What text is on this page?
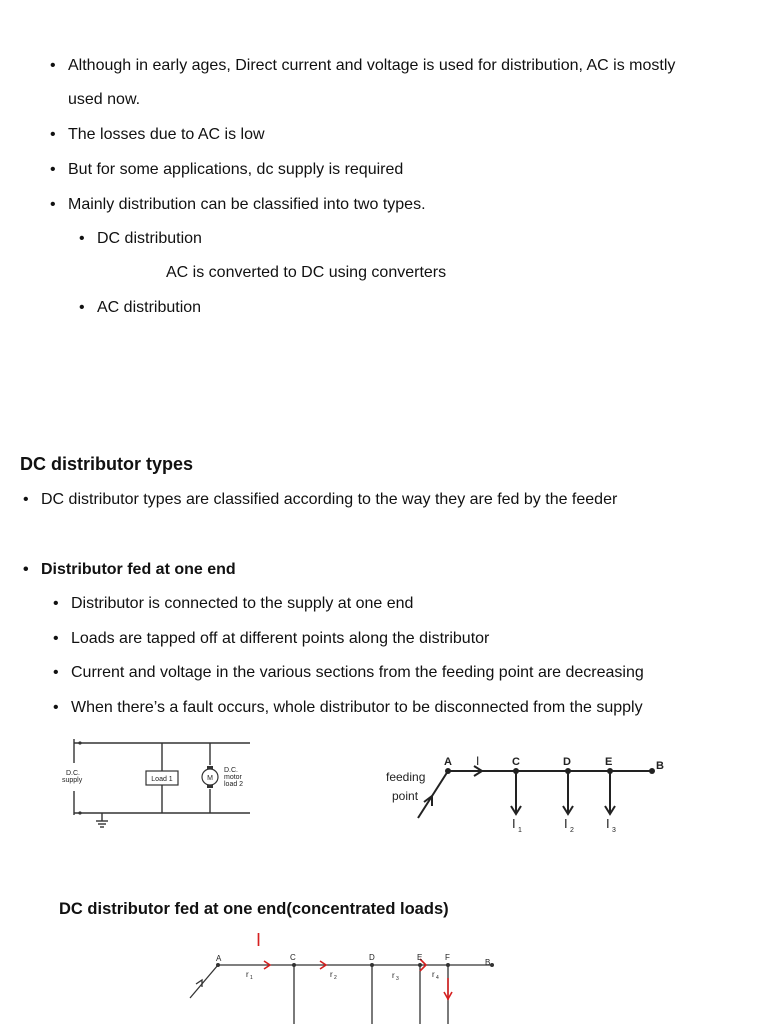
• Although in early ages, Direct current and voltage is used for distribution, AC is mostly
used now.
• The losses due to AC is low
• But for some applications, dc supply is required
• Mainly distribution can be classified into two types.
• DC distribution
AC is converted to DC using converters
• AC distribution
DC distributor types
• DC distributor types are classified according to the way they are fed by the feeder
• Distributor fed at one end
• Distributor is connected to the supply at one end
• Loads are tapped off at different points along the distributor
• Current and voltage in the various sections from the feeding point are decreasing
• When there’s a fault occurs, whole distributor to be disconnected from the supply
Load 1	M
D.C.
motor
load 2
D.C.
supply
A I	C	D	E	B
feeding
point
I 1	I 2 I 3
DC distributor fed at one end(concentrated loads)
I
A	C	D	E	F
B
r 1	r 2	r 3	r 4
